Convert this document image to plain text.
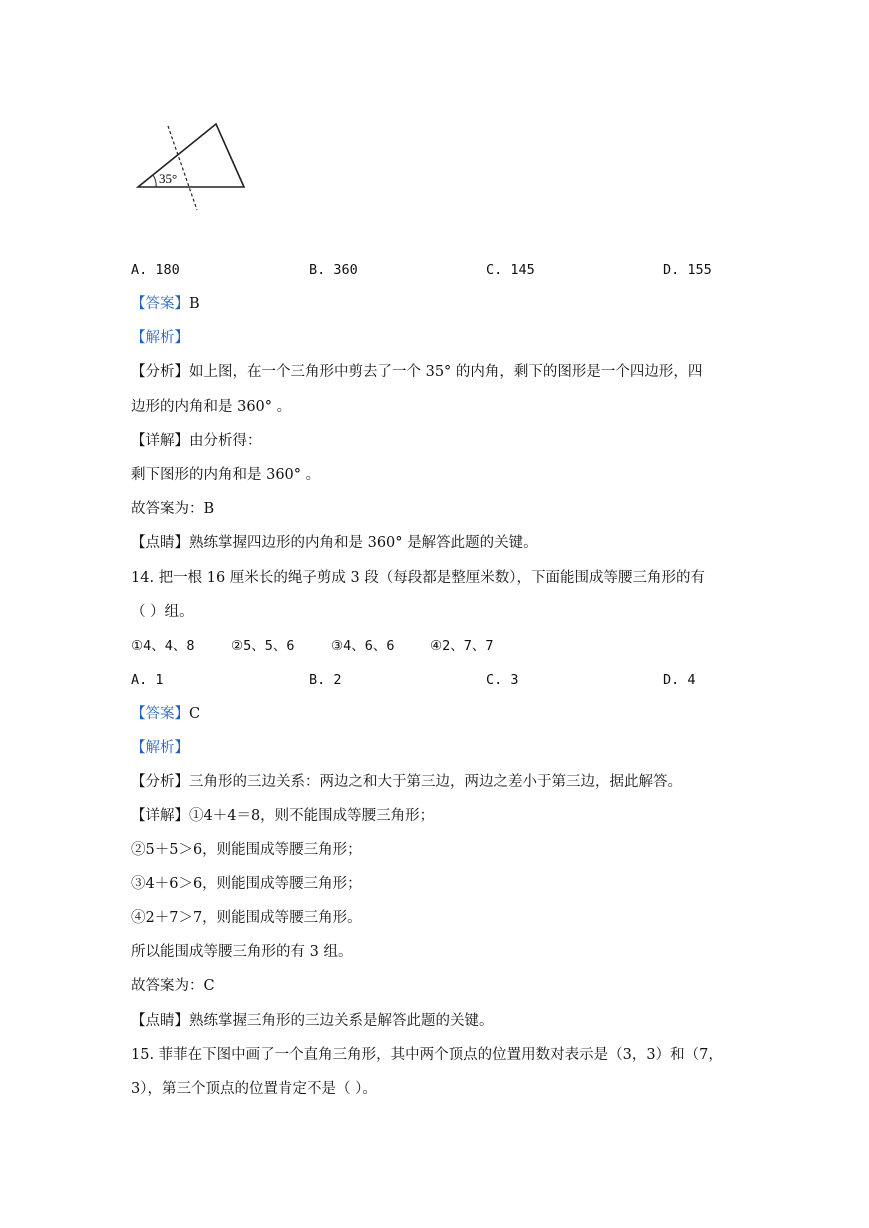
35°
A. 180	B. 360	C. 145	D. 155
【答案】B
【解析】
【分析】如上图，在一个三角形中剪去了一个 35° 的内角，剩下的图形是一个四边形，四
边形的内角和是 360° 。
【详解】由分析得：
剩下图形的内角和是 360° 。
故答案为：B
【点睛】熟练掌握四边形的内角和是 360° 是解答此题的关键。
14. 把一根 16 厘米长的绳子剪成 3 段（每段都是整厘米数），下面能围成等腰三角形的有
（ ）组。
①4、4、8	②5、5、6	③4、6、6	④2、7、7
A. 1	B. 2	C. 3	D. 4
【答案】C
【解析】
【分析】三角形的三边关系：两边之和大于第三边，两边之差小于第三边，据此解答。
【详解】①4＋4＝8，则不能围成等腰三角形；
②5＋5＞6，则能围成等腰三角形；
③4＋6＞6，则能围成等腰三角形；
④2＋7＞7，则能围成等腰三角形。
所以能围成等腰三角形的有 3 组。
故答案为：C
【点睛】熟练掌握三角形的三边关系是解答此题的关键。
15. 菲菲在下图中画了一个直角三角形，其中两个顶点的位置用数对表示是（3，3）和（7，
3），第三个顶点的位置肯定不是（ ）。
